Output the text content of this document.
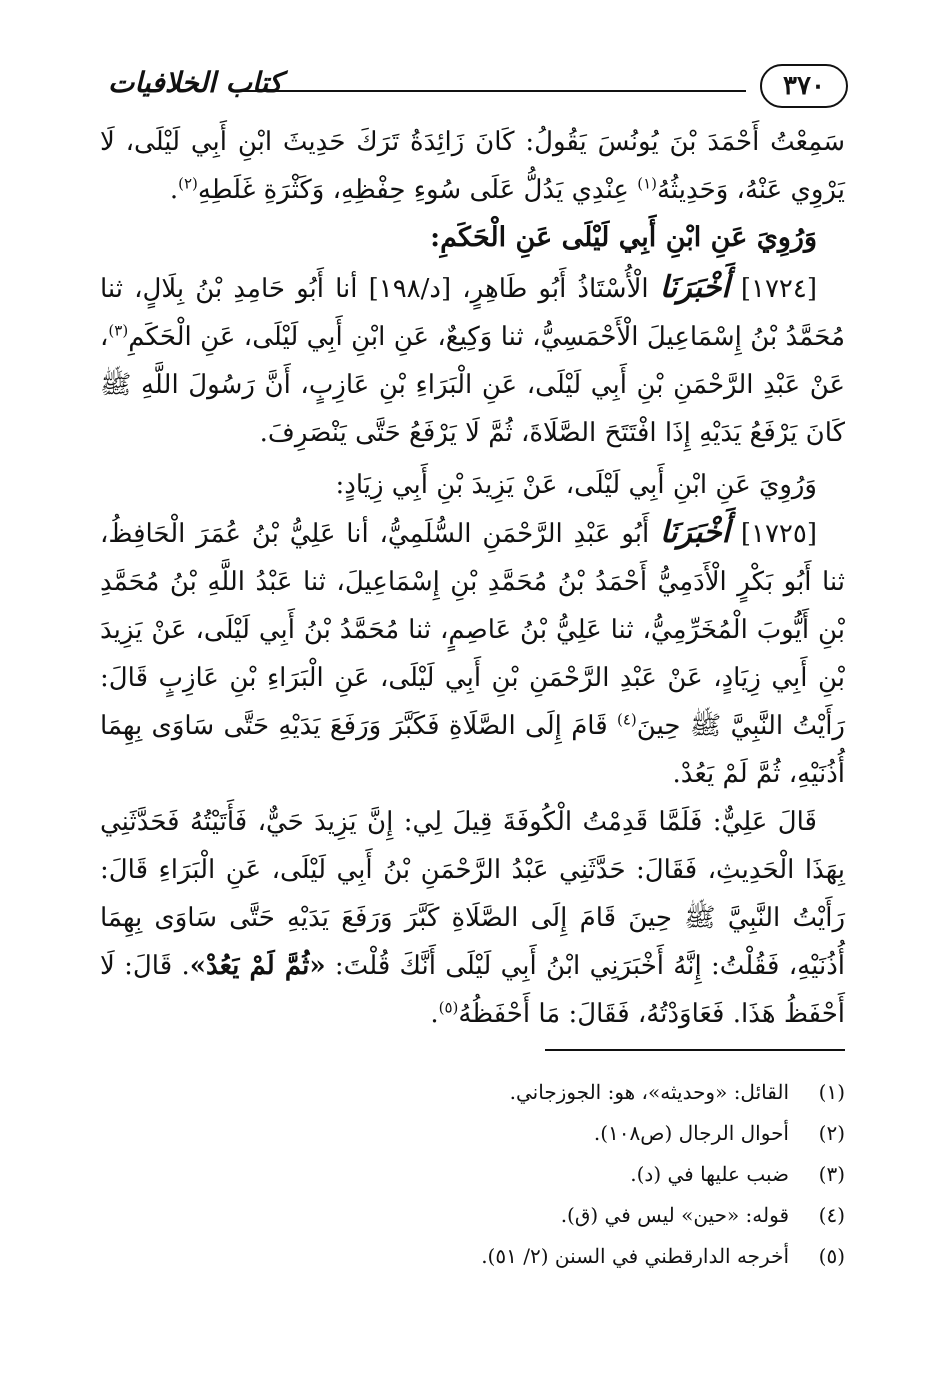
٣٧٠
كتاب الخلافيات

سَمِعْتُ أَحْمَدَ بْنَ يُونُسَ يَقُولُ: كَانَ زَائِدَةُ تَرَكَ حَدِيثَ ابْنِ أَبِي لَيْلَى، لَا يَرْوِي عَنْهُ، وَحَدِيثُهُ$^{(١)}$ عِنْدِي يَدُلُّ عَلَى سُوءِ حِفْظِهِ، وَكَثْرَةِ غَلَطِهِ$^{(٢)}$.

وَرُوِيَ عَنِ ابْنِ أَبِي لَيْلَى عَنِ الْحَكَمِ:

[١٧٢٤] أَخْبَرَنَا الْأُسْتَاذُ أَبُو طَاهِرٍ، [د/١٩٨] أنا أَبُو حَامِدِ بْنُ بِلَالٍ، ثنا مُحَمَّدُ بْنُ إِسْمَاعِيلَ الْأَحْمَسِيُّ، ثنا وَكِيعٌ، عَنِ ابْنِ أَبِي لَيْلَى، عَنِ الْحَكَمِ$^{(٣)}$، عَنْ عَبْدِ الرَّحْمَنِ بْنِ أَبِي لَيْلَى، عَنِ الْبَرَاءِ بْنِ عَازِبٍ، أَنَّ رَسُولَ اللَّهِ ﷺ كَانَ يَرْفَعُ يَدَيْهِ إِذَا افْتَتَحَ الصَّلَاةَ، ثُمَّ لَا يَرْفَعُ حَتَّى يَنْصَرِفَ.

وَرُوِيَ عَنِ ابْنِ أَبِي لَيْلَى، عَنْ يَزِيدَ بْنِ أَبِي زِيَادٍ:

[١٧٢٥] أَخْبَرَنَا أَبُو عَبْدِ الرَّحْمَنِ السُّلَمِيُّ، أنا عَلِيُّ بْنُ عُمَرَ الْحَافِظُ، ثنا أَبُو بَكْرٍ الْأَدَمِيُّ أَحْمَدُ بْنُ مُحَمَّدِ بْنِ إِسْمَاعِيلَ، ثنا عَبْدُ اللَّهِ بْنُ مُحَمَّدِ بْنِ أَيُّوبَ الْمُخَرِّمِيُّ، ثنا عَلِيُّ بْنُ عَاصِمٍ، ثنا مُحَمَّدُ بْنُ أَبِي لَيْلَى، عَنْ يَزِيدَ بْنِ أَبِي زِيَادٍ، عَنْ عَبْدِ الرَّحْمَنِ بْنِ أَبِي لَيْلَى، عَنِ الْبَرَاءِ بْنِ عَازِبٍ قَالَ: رَأَيْتُ النَّبِيَّ ﷺ حِينَ$^{(٤)}$ قَامَ إِلَى الصَّلَاةِ فَكَبَّرَ وَرَفَعَ يَدَيْهِ حَتَّى سَاوَى بِهِمَا أُذُنَيْهِ، ثُمَّ لَمْ يَعُدْ.

قَالَ عَلِيٌّ: فَلَمَّا قَدِمْتُ الْكُوفَةَ قِيلَ لِي: إِنَّ يَزِيدَ حَيٌّ، فَأَتَيْتُهُ فَحَدَّثَنِي بِهَذَا الْحَدِيثِ، فَقَالَ: حَدَّثَنِي عَبْدُ الرَّحْمَنِ بْنُ أَبِي لَيْلَى، عَنِ الْبَرَاءِ قَالَ: رَأَيْتُ النَّبِيَّ ﷺ حِينَ قَامَ إِلَى الصَّلَاةِ كَبَّرَ وَرَفَعَ يَدَيْهِ حَتَّى سَاوَى بِهِمَا أُذُنَيْهِ، فَقُلْتُ: إِنَّهُ أَخْبَرَنِي ابْنُ أَبِي لَيْلَى أَنَّكَ قُلْتَ: «ثُمَّ لَمْ يَعُدْ». قَالَ: لَا أَحْفَظُ هَذَا. فَعَاوَدْتُهُ، فَقَالَ: مَا أَحْفَظُهُ$^{(٥)}$.

(١)
القائل: «وحديثه»، هو: الجوزجاني.
(٢)
أحوال الرجال (ص١٠٨).
(٣)
ضبب عليها في (د).
(٤)
قوله: «حين» ليس في (ق).
(٥)
أخرجه الدارقطني في السنن (٢/ ٥١).
